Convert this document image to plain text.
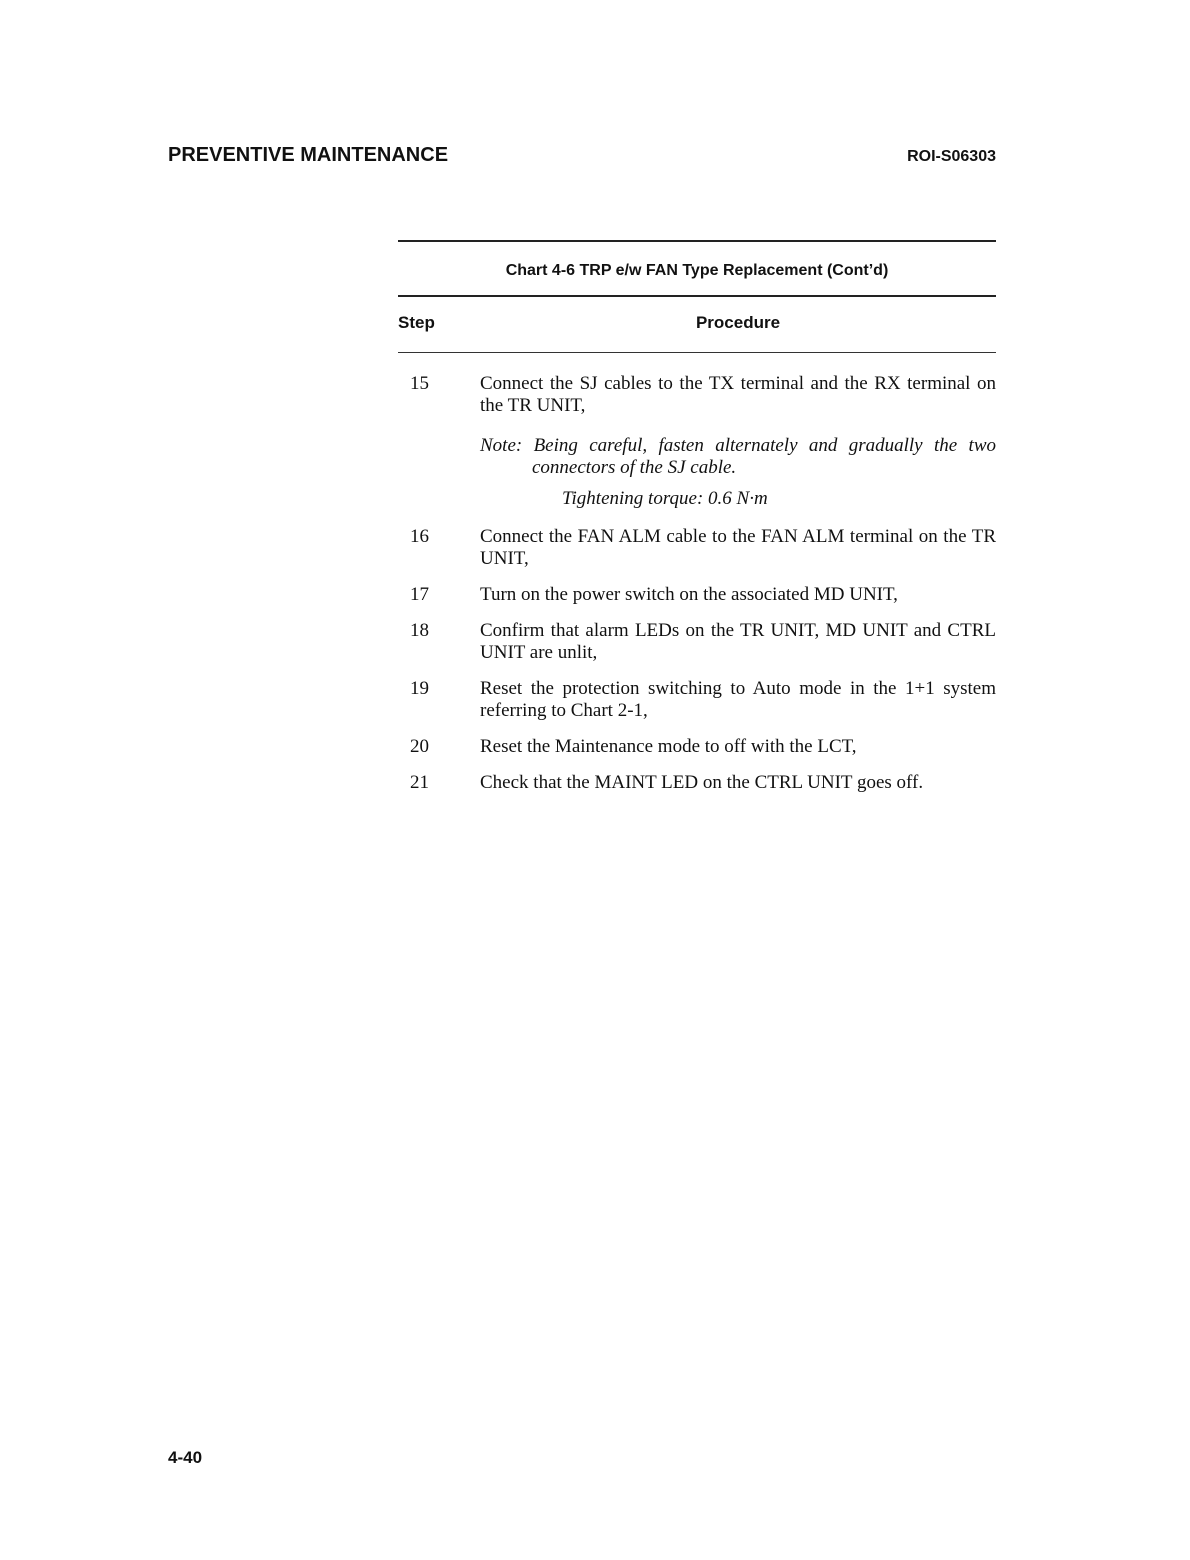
PREVENTIVE MAINTENANCE	ROI-S06303
Chart 4-6 TRP e/w FAN Type Replacement (Cont’d)
Step	Procedure
15	Connect the SJ cables to the TX terminal and the RX terminal on the TR UNIT,
Note: Being careful, fasten alternately and gradually the two connectors of the SJ cable.
Tightening torque: 0.6 N·m
16	Connect the FAN ALM cable to the FAN ALM terminal on the TR UNIT,
17	Turn on the power switch on the associated MD UNIT,
18	Confirm that alarm LEDs on the TR UNIT, MD UNIT and CTRL UNIT are unlit,
19	Reset the protection switching to Auto mode in the 1+1 system referring to Chart 2-1,
20	Reset the Maintenance mode to off with the LCT,
21	Check that the MAINT LED on the CTRL UNIT goes off.
4-40
